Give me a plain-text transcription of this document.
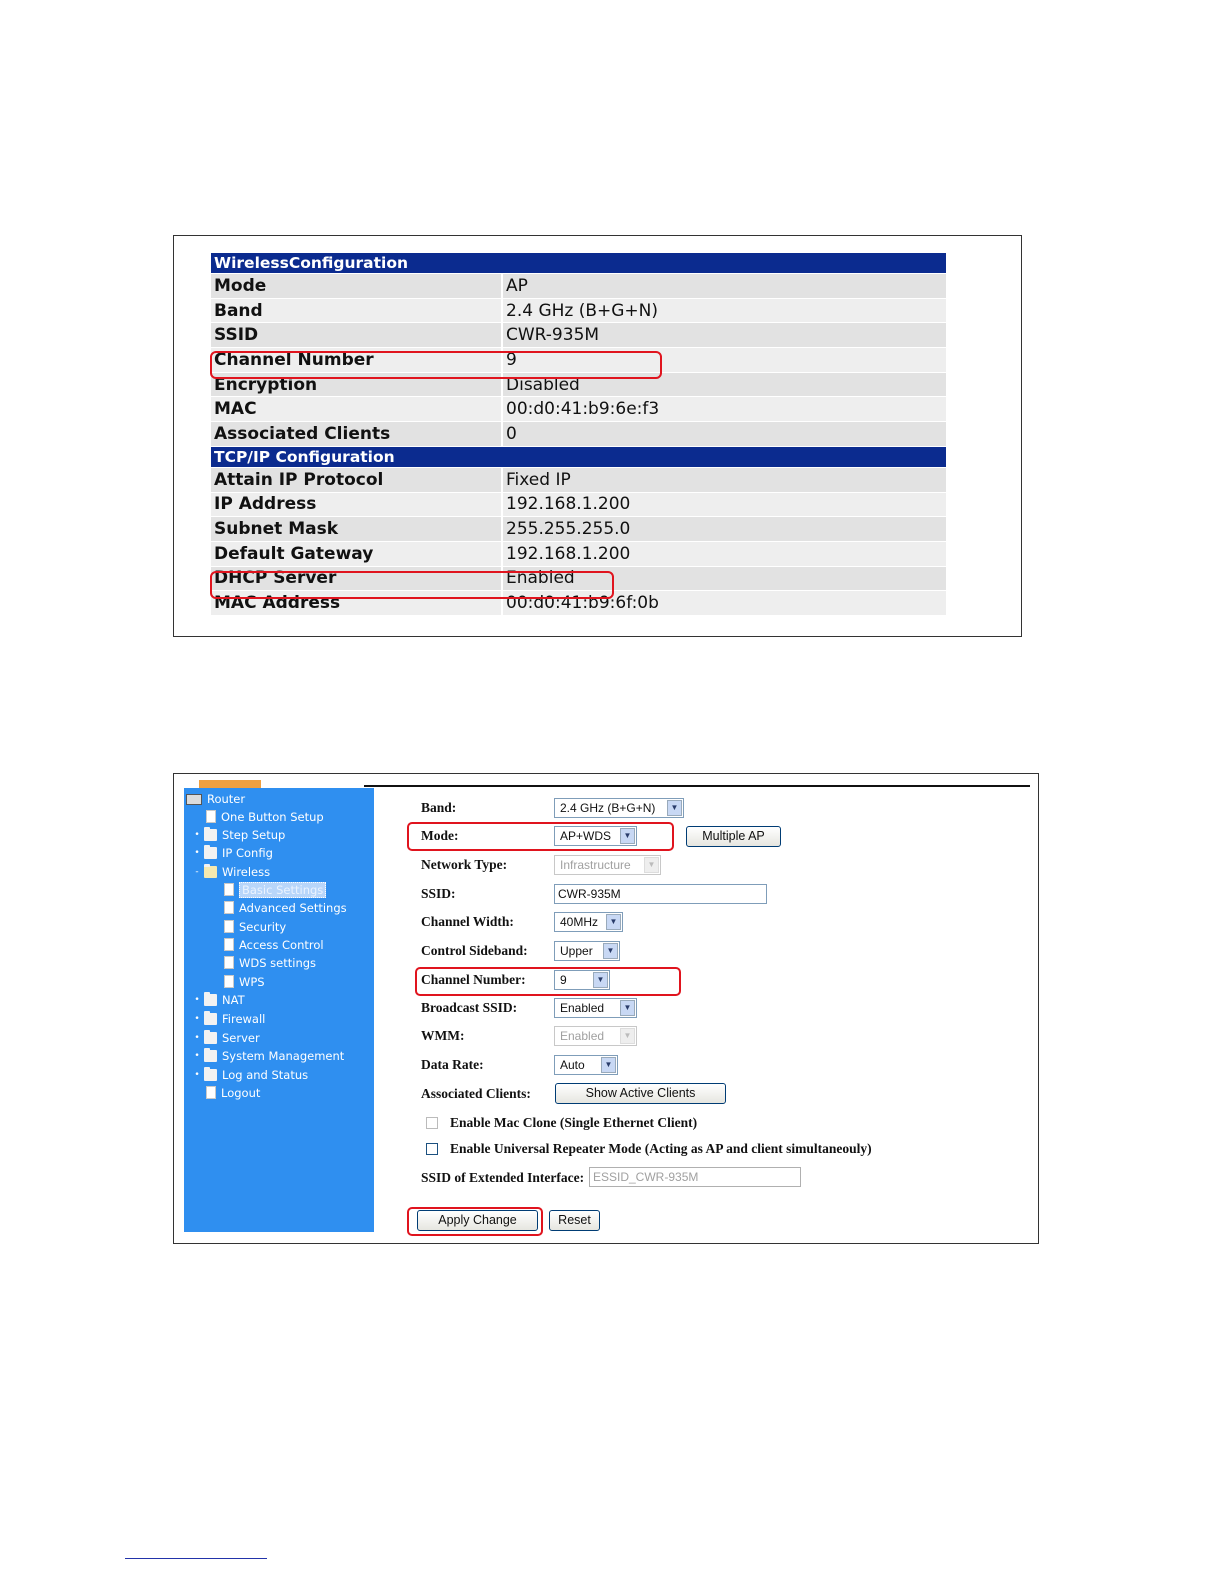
WirelessConfiguration	
Mode	AP
Band	2.4 GHz (B+G+N)
SSID	CWR-935M
Channel Number	9
Encryption	Disabled
MAC	00:d0:41:b9:6e:f3
Associated Clients	0
TCP/IP Configuration	
Attain IP Protocol	Fixed IP
IP Address	192.168.1.200
Subnet Mask	255.255.255.0
Default Gateway	192.168.1.200
DHCP Server	Enabled
MAC Address	00:d0:41:b9:6f:0b
Router
One Button Setup
• Step Setup
• IP Config
- Wireless
Basic Settings
Advanced Settings
Security
Access Control
WDS settings
WPS
• NAT
• Firewall
• Server
• System Management
• Log and Status
Logout
Band:	2.4 GHz (B+G+N)	▼
Mode:	AP+WDS	▼	Multiple AP
Network Type:	Infrastructure	▼
SSID:	CWR-935M
Channel Width:	40MHz	▼
Control Sideband:	Upper	▼
Channel Number:	9	▼
Broadcast SSID:	Enabled	▼
WMM:	Enabled	▼
Data Rate:	Auto	▼
Associated Clients:	Show Active Clients
Enable Mac Clone (Single Ethernet Client)
Enable Universal Repeater Mode (Acting as AP and client simultaneouly)
SSID of Extended Interface: ESSID_CWR-935M
Apply Change	Reset
